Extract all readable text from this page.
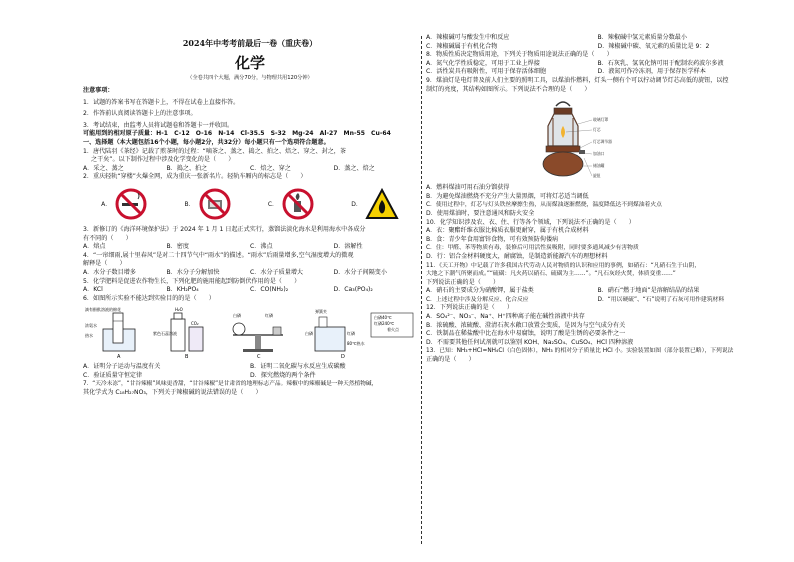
2024年中考考前最后一卷（重庆卷）
化学
（全卷共四个大题，满分70分，与物理共用120分钟）
注意事项：
1．试题的答案书写在答题卡上，不得在试卷上直接作答。
2．作答前认真阅读答题卡上的注意事项。
3．考试结束，由监考人员将试题卷和答题卡一并收回。
可能用到的相对原子质量：H-1　C-12　O-16　N-14　Cl-35.5　S-32　Mg-24　Al-27　Mn-55　Cu-64
一、选择题（本大题包括16个小题，每小题2分，共32分）每小题只有一个选项符合题意。
1．唐代陆羽《茶经》记载了煎茶时的过程：“嘀茶之、蒸之、捣之、拍之、焙之、穿之、封之，茶
之干矣”。以下制作过程中涉及化学变化的是（　　）
A．采之、蒸之	B．捣之、拍之	C．焙之、穿之	D．蒸之、焙之
2．重庆轻轨“穿楼”火爆全网，成为重庆一张新名片。轻轨车厢内的标志是（　　）
A．	B．	C．	D．
3．新修订的《海洋环境保护法》于 2024 年 1 月 1 日起正式实行，蒸馏法淡化海水是利用海水中各成分
有不同的（　　）
A．熔点	B．密度	C．沸点	D．溶解性
4．“一帘细雨,展十里春风”是对二十四节气中“雨水”的描述。“雨水”后雨量增多,空气湿度增大的微观
解释是（　　）
A．水分子数目增多	B．水分子分解加快	C．水分子质量增大	D．水分子间隔变小
5．化学肥料是促进农作物生长，下列化肥的施用能起到防倒伏作用的是（　　）
A．KCl	B．KH₂PO₄	C．CO(NH₂)₂	D．Ca₃(PO₄)₂
6．如图所示实验不能达到实验目的的是（　　）
滴有酚酞溶液的棉花
浓氨水
热水
A
H₂O
CO₂
紫色石蕊溶液
B
白磷	红磷
C
弹簧夹
白磷	红磷
80℃热水
白磷40℃
红磷240℃
着火点
D
A．证明分子运动与温度有关	B．证明二氧化碳与水反应生成碳酸
C．验证质量守恒定律	D．探究燃烧的两个条件
7．“天冷未冻”，“甘谷辣椒”风味更香甜，“甘谷辣椒”是甘肃省的地理标志产品。辣椒中的辣椒碱是一种天然植物碱，
其化学式为 C₁₈H₂₇NO₃，下列关于辣椒碱的说法错误的是（　　）
A．辣椒碱可与酸发生中和反应	B．辣椒碱中氢元素质量分数最小
C．辣椒碱属于有机化合物	D．辣椒碱中碳、氧元素的质量比是 9：2
8．物质性质决定物质用途，下列关于物质用途说法正确的是（　　）
A．氮气化学性质稳定，可用于工业上焊接	B．石灰乳、氢氧化钠可用于配制农药波尔多液
C．活性炭具有吸附性，可用于保存活体细胞	D．液氮可作冷冻剂，用于保存医学样本
9．煤油灯是电灯普及前人们主要的照明工具，以煤油作燃料，灯头一侧有个可以拧动调节灯芯高低的旋钮，以控
制灯的亮度，其结构如图所示。下列说法不合理的是（　　）
玻璃灯罩
灯芯
灯芯调节器
加油口
储油罐
旋钮
A．燃料煤油可用石油分馏获得
B．为避免煤油燃烧不充分产生大量黑烟，可将灯芯适当调低
C．使用过程中，灯芯与灯头铁丝摩擦生热，从而煤油逐渐燃烧，温度降低达不到煤油着火点
D．使用煤油时，要注意通风和防火安全
10．化学知识涉及农、衣、住、行等各个领域，下列说法不正确的是（　　）
A．衣：聚酯纤维衣服比棉质衣服更耐穿，属于有机合成材料
B．食：青少年食用富锌食物，可有效预防佝偻病
C．住：甲醛、苯等物质有毒，装修后可用活性炭吸附，同时要多通风减少有害物质
D．行：铝合金材料硬度大，耐腐蚀，是制造新能源汽车的理想材料
11．《天工开物》中记载了许多我国古代劳动人民对物质的认识和应用的事例，如硝石：“凡硝石生于山阴，
大地之下潮气所聚而成。”“硫磺：凡火药以硝石、硫磺为主……”。“凡石灰经火焚，体质变重……”
下列说法正确的是（　　）
A．硝石的主要成分为硝酸钾，属于盐类	B．硝石“燃于地面”是溶解结晶的结果
C．上述过程中涉及分解反应、化合反应	D．“用以硬硫”、“石”说明了石灰可用作建筑材料
12．下列说法正确的是（　　）
A．SO₄²⁻、NO₃⁻、Na⁺、H⁺四种离子能在碱性溶液中共存
B．浓硫酸、浓硫酸、澄清石灰水敞口放置会变质，是因为与空气成分有关
C．铁制品在稀盐酸中比在海水中易腐蚀，说明了酸是生锈的必要条件之一
D．不需要其他任何试剂就可以鉴别 KOH、Na₂SO₄、CuSO₄、HCl 四种溶液
13．已知：NH₃+HCl=NH₄Cl（白色固体），NH₃ 的相对分子质量比 HCl 小。实验装置如图（部分装置已略），下列说法
正确的是（　　）
